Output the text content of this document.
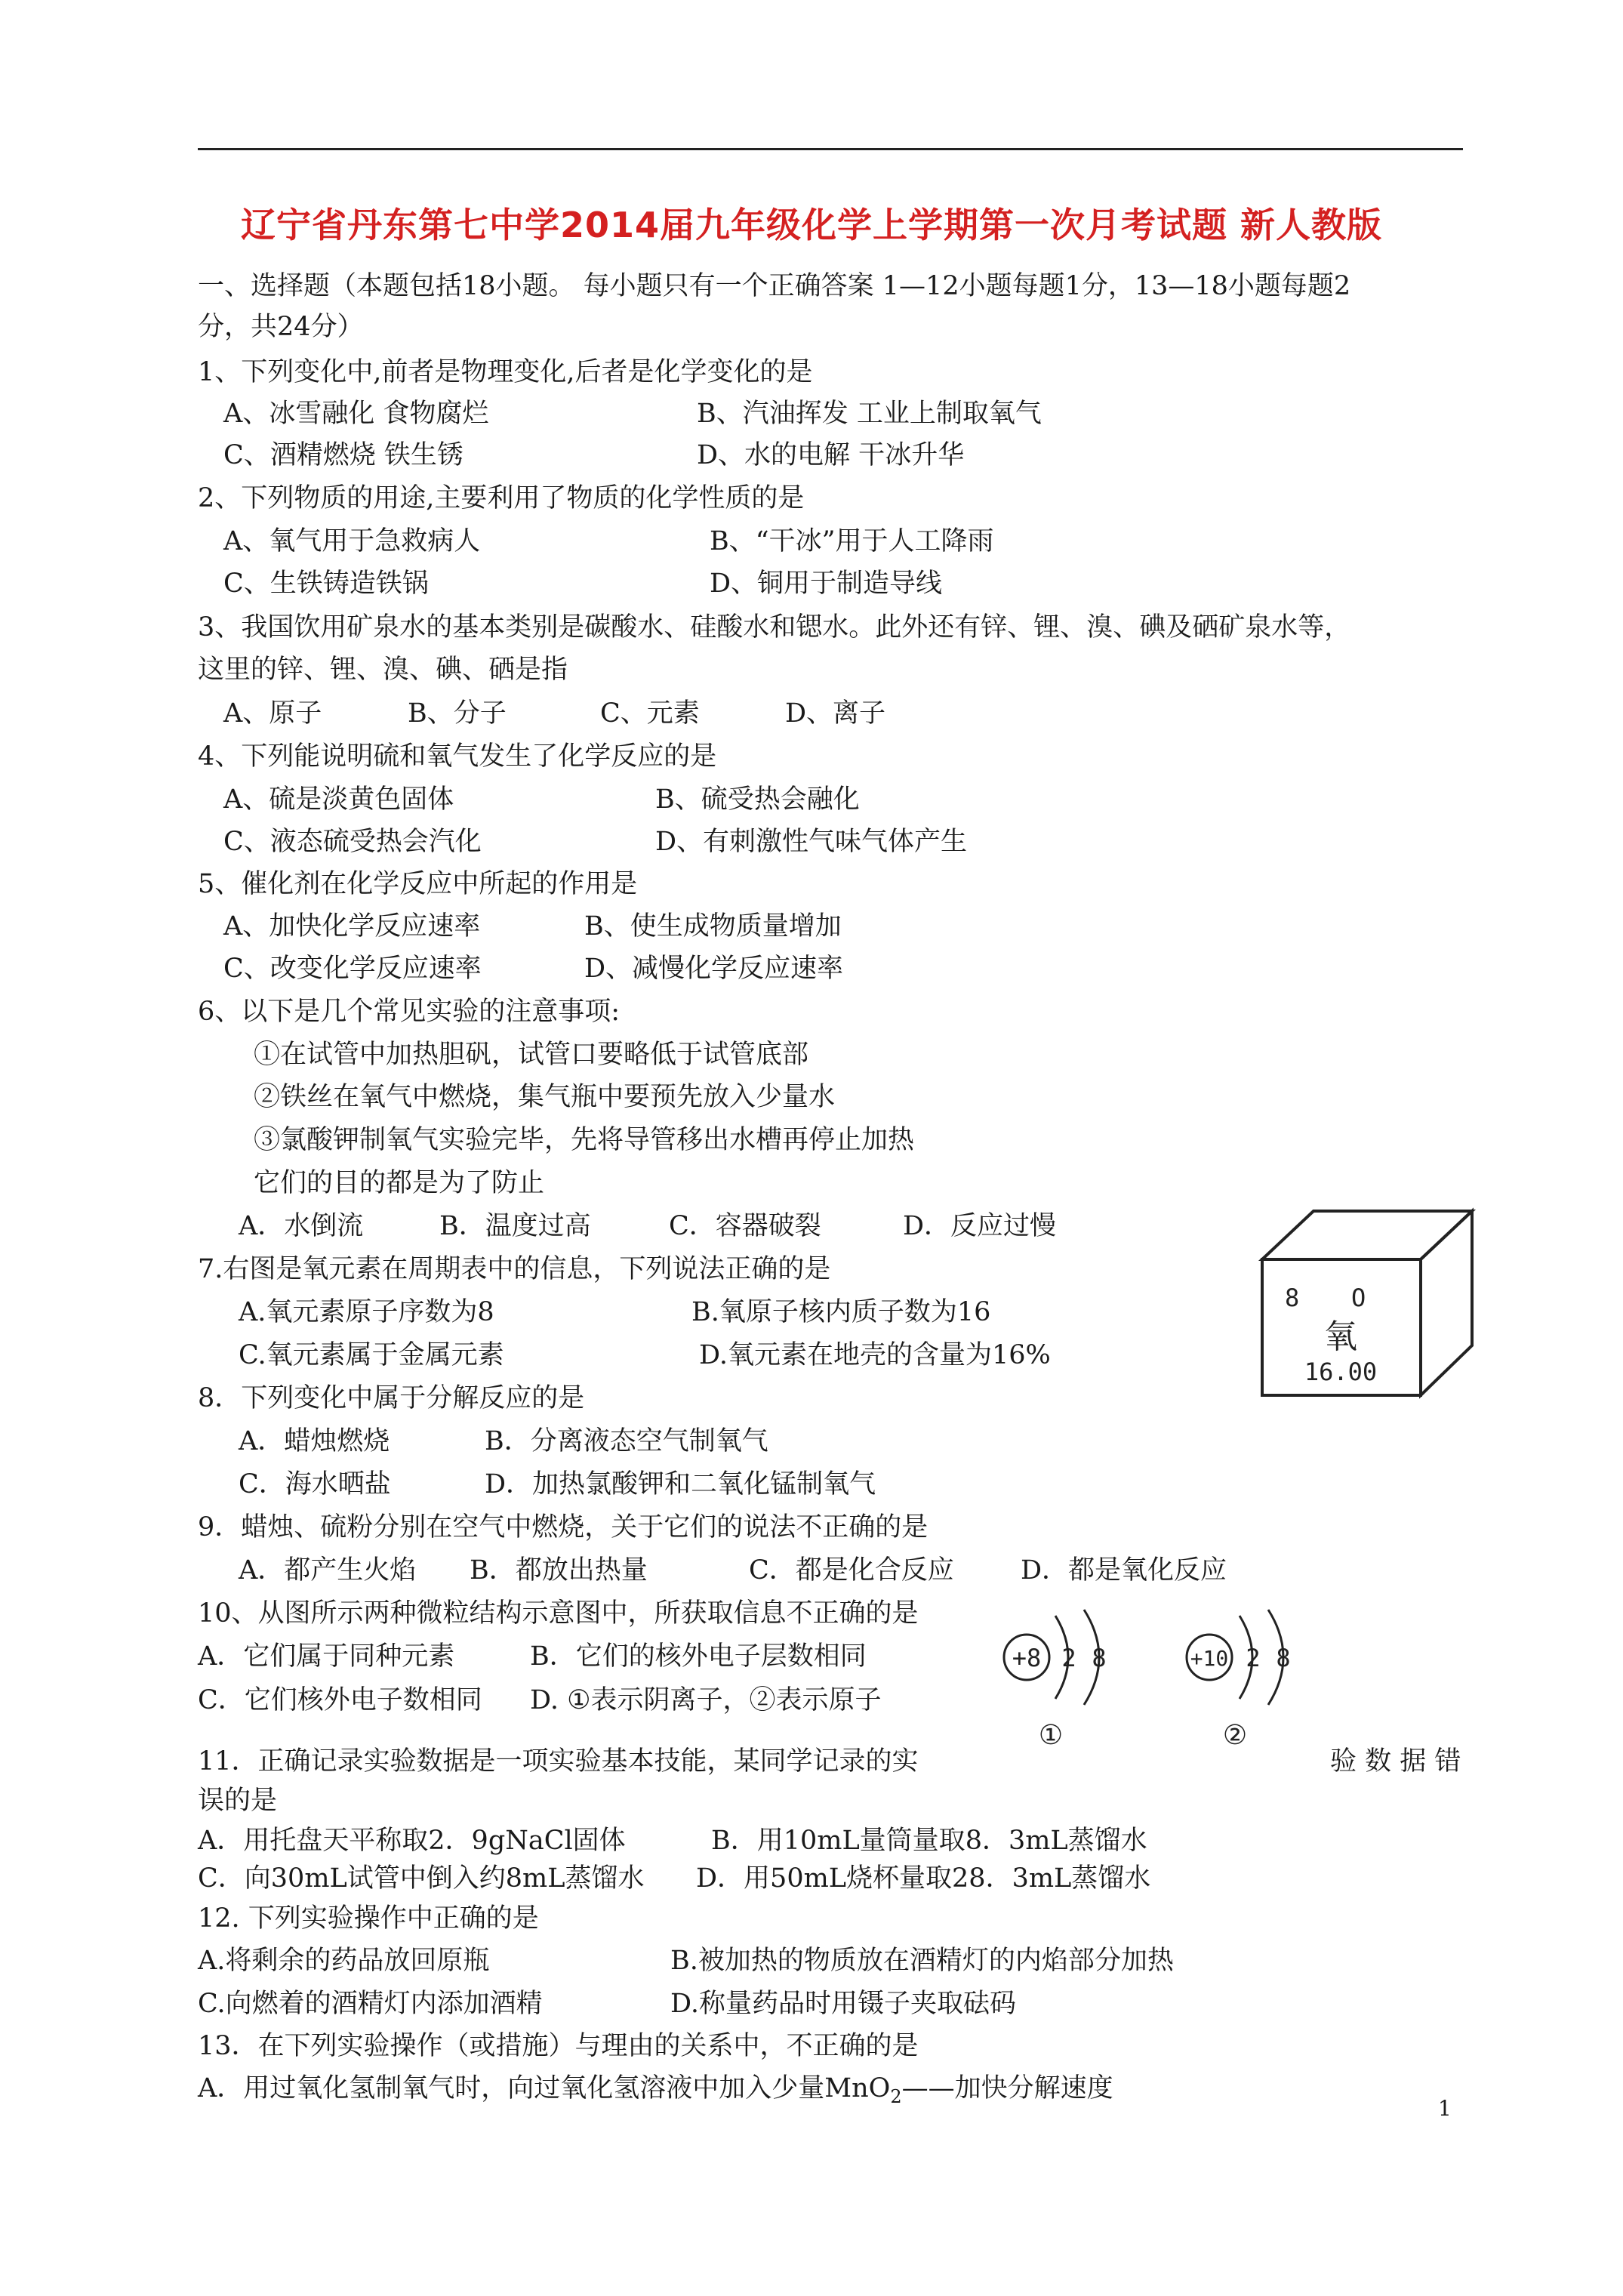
辽宁省丹东第七中学2014届九年级化学上学期第一次月考试题 新人教版
一、选择题（本题包括18小题。 每小题只有一个正确答案 1—12小题每题1分，13—18小题每题2
分，共24分）
1、下列变化中,前者是物理变化,后者是化学变化的是
A、冰雪融化 食物腐烂	B、汽油挥发 工业上制取氧气
C、酒精燃烧 铁生锈	D、水的电解 干冰升华
2、下列物质的用途,主要利用了物质的化学性质的是
A、氧气用于急救病人	B、“干冰”用于人工降雨
C、生铁铸造铁锅	D、铜用于制造导线
3、我国饮用矿泉水的基本类别是碳酸水、硅酸水和锶水。此外还有锌、锂、溴、碘及硒矿泉水等，
这里的锌、锂、溴、碘、硒是指
A、原子	B、分子	C、元素	D、离子
4、下列能说明硫和氧气发生了化学反应的是
A、硫是淡黄色固体	B、硫受热会融化
C、液态硫受热会汽化	D、有刺激性气味气体产生
5、催化剂在化学反应中所起的作用是
A、加快化学反应速率	B、使生成物质量增加
C、改变化学反应速率	D、减慢化学反应速率
6、以下是几个常见实验的注意事项:
①在试管中加热胆矾，试管口要略低于试管底部
②铁丝在氧气中燃烧，集气瓶中要预先放入少量水
③氯酸钾制氧气实验完毕，先将导管移出水槽再停止加热
它们的目的都是为了防止
A．水倒流	B．温度过高	C．容器破裂	D．反应过慢
7.右图是氧元素在周期表中的信息，下列说法正确的是
A.氧元素原子序数为8	B.氧原子核内质子数为16
C.氧元素属于金属元素	D.氧元素在地壳的含量为16%
8 O
氧
16.00
8．下列变化中属于分解反应的是
A．蜡烛燃烧	B．分离液态空气制氧气
C．海水晒盐	D．加热氯酸钾和二氧化锰制氧气
9．蜡烛、硫粉分别在空气中燃烧，关于它们的说法不正确的是
A．都产生火焰 B．都放出热量	C．都是化合反应	D．都是氧化反应
10、从图所示两种微粒结构示意图中，所获取信息不正确的是
A．它们属于同种元素	B．它们的核外电子层数相同
C．它们核外电子数相同 D. ①表示阴离子，②表示原子
+8 2 8
①
+10 2 8
②
11．正确记录实验数据是一项实验基本技能，某同学记录的实	验 数 据 错
误的是
A．用托盘天平称取2．9gNaCl固体	B．用10mL量筒量取8．3mL蒸馏水
C．向30mL试管中倒入约8mL蒸馏水 D．用50mL烧杯量取28．3mL蒸馏水
12. 下列实验操作中正确的是
A.将剩余的药品放回原瓶	B.被加热的物质放在酒精灯的内焰部分加热
C.向燃着的酒精灯内添加酒精	D.称量药品时用镊子夹取砝码
13．在下列实验操作（或措施）与理由的关系中，不正确的是
A．用过氧化氢制氧气时，向过氧化氢溶液中加入少量MnO$_2$——加快分解速度
1
